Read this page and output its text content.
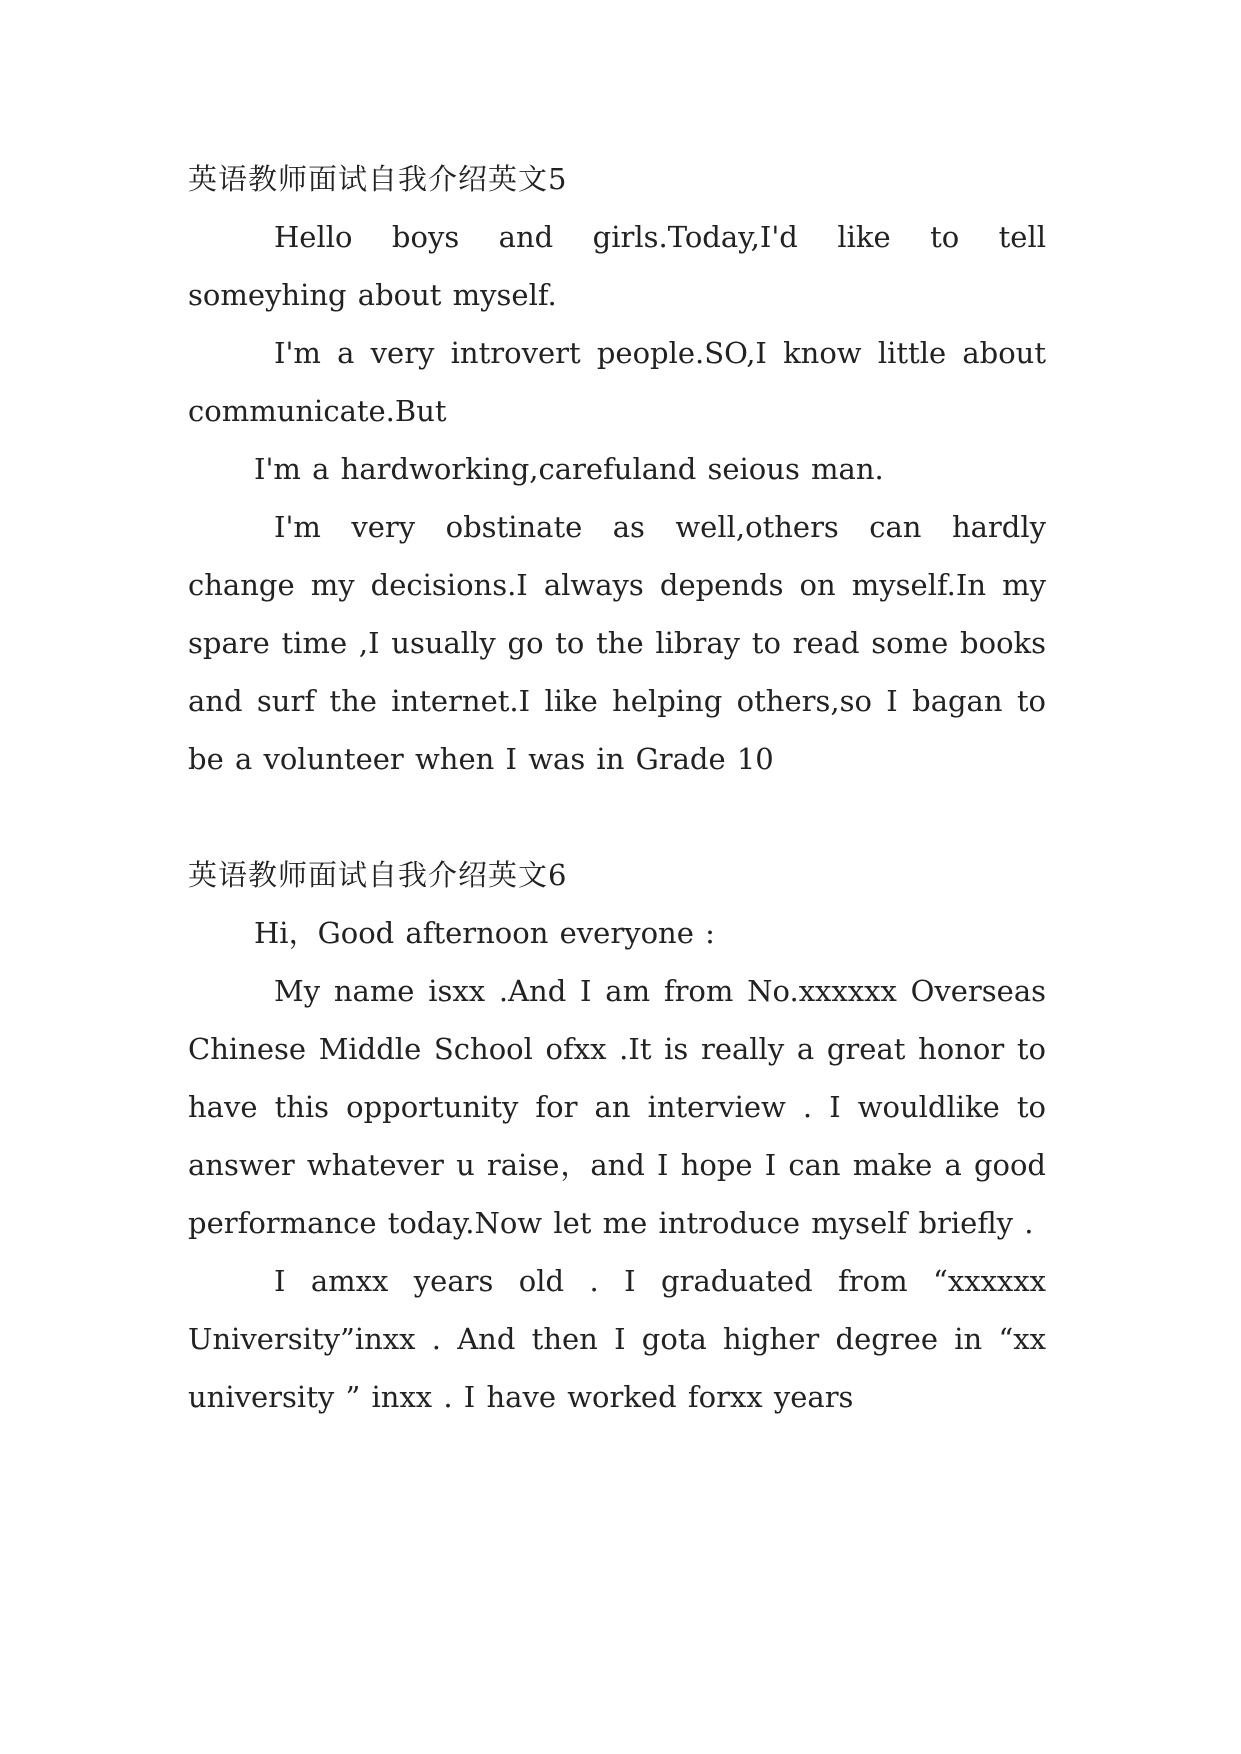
英语教师面试自我介绍英文5

Hello boys and girls.Today,I'd like to tell someyhing about myself.

I'm a very introvert people.SO,I know little about communicate.But

I'm a hardworking,carefuland seious man.

I'm very obstinate as well,others can hardly change my decisions.I always depends on myself.In my spare time ,I usually go to the libray to read some books and surf the internet.I like helping others,so I bagan to be a volunteer when I was in Grade 10

英语教师面试自我介绍英文6

Hi，Good afternoon everyone :

My name isxx .And I am from No.xxxxxx Overseas Chinese Middle School ofxx .It is really a great honor to have this opportunity for an interview . I wouldlike to answer whatever u raise，and I hope I can make a good performance today.Now let me introduce myself briefly .

I amxx years old . I graduated from “xxxxxx University”inxx . And then I gota higher degree in “xx university ” inxx . I have worked forxx years
